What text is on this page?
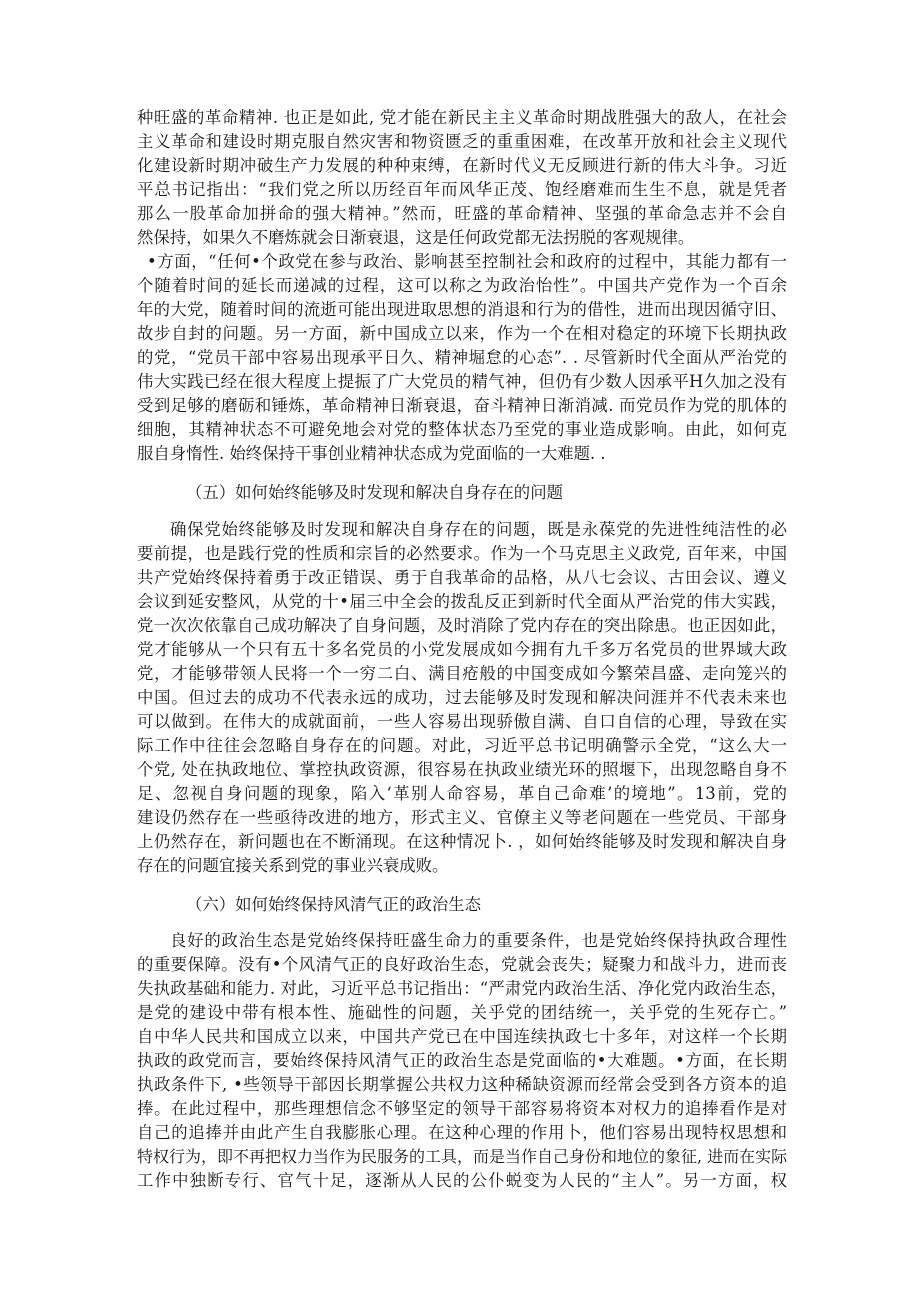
种旺盛的革命精神. 也正是如此, 党才能在新民主主义革命时期战胜强大的敌人，在社会
主义革命和建设时期克服自然灾害和物资匮乏的重重困难，在改革开放和社会主义现代
化建设新时期冲破生产力发展的种种束缚，在新时代义无反顾进行新的伟大斗争。习近
平总书记指出：“我们党之所以历经百年而风华正茂、饱经磨难而生生不息，就是凭者
那么一股革命加拼命的强大精神。”然而，旺盛的革命精神、坚强的革命急志并不会自
然保持，如果久不磨炼就会日渐衰退，这是任何政党都无法拐脱的客观规律。
•方面，“任何•个政党在参与政治、影响甚至控制社会和政府的过程中，其能力都有一
个随着时间的延长而递减的过程，这可以称之为政治怡性”。中国共产党作为一个百余
年的大党，随着时间的流逝可能出现进取思想的消退和行为的借性，进而出现因循守旧、
故步自封的问题。另一方面，新中国成立以来，作为一个在相对稳定的环境下长期执政
的党，“党员干部中容易出现承平日久、精神堀怠的心态”. . 尽管新时代全面从严治党的
伟大实践已经在很大程度上提振了广大党员的精气神，但仍有少数人因承平H久加之没有
受到足够的磨砺和锤炼，革命精神日渐衰退，奋斗精神日渐消减. 而党员作为党的肌体的
细胞，其精神状态不可避免地会对党的整体状态乃至党的事业造成影响。由此，如何克
服自身惰性. 始终保持干事创业精神状态成为党面临的一大难题. .
（五）如何始终能够及时发现和解决自身存在的问题
确保党始终能够及时发现和解决自身存在的问题，既是永葆党的先进性纯洁性的必
要前提，也是践行党的性质和宗旨的必然要求。作为一个马克思主义政党, 百年来，中国
共产党始终保持着勇于改正错误、勇于自我革命的品格，从八七会议、古田会议、遵义
会议到延安整风，从党的十•届三中全会的拨乱反正到新时代全面从严治党的伟大实践，
党一次次依靠自己成功解决了自身问题，及时消除了党内存在的突出除患。也正因如此，
党才能够从一个只有五十多名党员的小党发展成如今拥有九千多万名党员的世界域大政
党，才能够带领人民将一个一穷二白、满目疮般的中国变成如今繁荣昌盛、走向笼兴的
中国。但过去的成功不代表永远的成功，过去能够及时发现和解决问涯并不代表未来也
可以做到。在伟大的成就面前，一些人容易出现骄傲自满、自口自信的心理，导致在实
际工作中往往会忽略自身存在的问题。对此，习近平总书记明确警示全党，“这么大一
个党, 处在执政地位、掌控执政资源，很容易在执政业绩光环的照堰下，出现忽略自身不
足、忽视自身问题的现象，陷入‘革别人命容易，革自己命难’的境地”。13前，党的
建设仍然存在一些亟待改进的地方，形式主义、官僚主义等老问题在一些党员、干部身
上仍然存在，新问题也在不断涌现。在这种情况卜. ，如何始终能够及时发现和解决自身
存在的问题宜接关系到党的事业兴衰成败。
（六）如何始终保持风清气正的政治生态
良好的政治生态是党始终保持旺盛生命力的重要条件，也是党始终保持执政合理性
的重要保障。没有•个风清气正的良好政治生态，党就会丧失；疑聚力和战斗力，进而丧
失执政基础和能力. 对此，习近平总书记指出：“严肃党内政治生活、净化党内政治生态，
是党的建设中带有根本性、施础性的问题，关乎党的团结统一，关乎党的生死存亡。”
自中华人民共和国成立以来，中国共产党已在中国连续执政七十多年，对这样一个长期
执政的政党而言，要始终保持风清气正的政治生态是党面临的•大难题。•方面，在长期
执政条件下, •些领导干部因长期掌握公共权力这种稀缺资源而经常会受到各方资本的追
捧。在此过程中，那些理想信念不够坚定的领导干部容易将资本对权力的追捧看作是对
自己的追捧并由此产生自我膨胀心理。在这种心理的作用卜，他们容易出现特权思想和
特权行为，即不再把权力当作为民服务的工具，而是当作自己身份和地位的象征, 进而在实际
工作中独断专行、官气十足，逐渐从人民的公仆蜕变为人民的“主人”。另一方面，权
